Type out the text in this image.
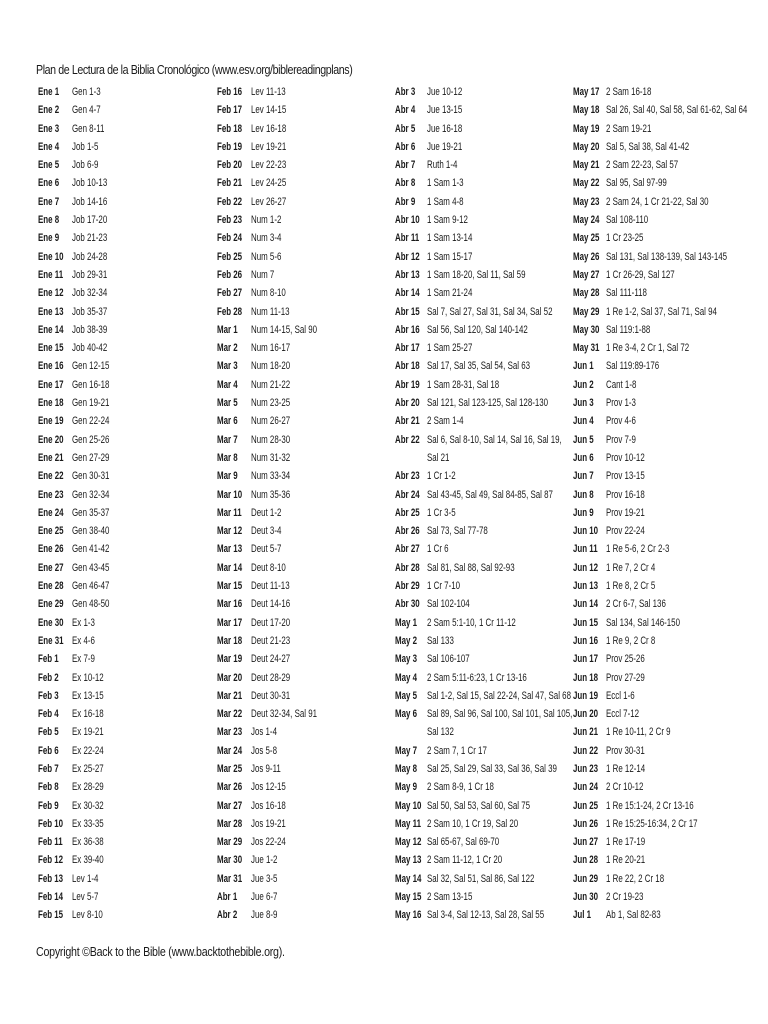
Plan de Lectura de la Biblia Cronológico (www.esv.org/biblereadingplans)
Ene 1 Gen 1-3
Ene 2 Gen 4-7
Ene 3 Gen 8-11
Ene 4 Job 1-5
Ene 5 Job 6-9
Ene 6 Job 10-13
Ene 7 Job 14-16
Ene 8 Job 17-20
Ene 9 Job 21-23
Ene 10 Job 24-28
Ene 11 Job 29-31
Ene 12 Job 32-34
Ene 13 Job 35-37
Ene 14 Job 38-39
Ene 15 Job 40-42
Ene 16 Gen 12-15
Ene 17 Gen 16-18
Ene 18 Gen 19-21
Ene 19 Gen 22-24
Ene 20 Gen 25-26
Ene 21 Gen 27-29
Ene 22 Gen 30-31
Ene 23 Gen 32-34
Ene 24 Gen 35-37
Ene 25 Gen 38-40
Ene 26 Gen 41-42
Ene 27 Gen 43-45
Ene 28 Gen 46-47
Ene 29 Gen 48-50
Ene 30 Ex 1-3
Ene 31 Ex 4-6
Feb 1 Ex 7-9
Feb 2 Ex 10-12
Feb 3 Ex 13-15
Feb 4 Ex 16-18
Feb 5 Ex 19-21
Feb 6 Ex 22-24
Feb 7 Ex 25-27
Feb 8 Ex 28-29
Feb 9 Ex 30-32
Feb 10 Ex 33-35
Feb 11 Ex 36-38
Feb 12 Ex 39-40
Feb 13 Lev 1-4
Feb 14 Lev 5-7
Feb 15 Lev 8-10
Feb 16 Lev 11-13
Feb 17 Lev 14-15
Feb 18 Lev 16-18
Feb 19 Lev 19-21
Feb 20 Lev 22-23
Feb 21 Lev 24-25
Feb 22 Lev 26-27
Feb 23 Num 1-2
Feb 24 Num 3-4
Feb 25 Num 5-6
Feb 26 Num 7
Feb 27 Num 8-10
Feb 28 Num 11-13
Mar 1 Num 14-15, Sal 90
Mar 2 Num 16-17
Mar 3 Num 18-20
Mar 4 Num 21-22
Mar 5 Num 23-25
Mar 6 Num 26-27
Mar 7 Num 28-30
Mar 8 Num 31-32
Mar 9 Num 33-34
Mar 10 Num 35-36
Mar 11 Deut 1-2
Mar 12 Deut 3-4
Mar 13 Deut 5-7
Mar 14 Deut 8-10
Mar 15 Deut 11-13
Mar 16 Deut 14-16
Mar 17 Deut 17-20
Mar 18 Deut 21-23
Mar 19 Deut 24-27
Mar 20 Deut 28-29
Mar 21 Deut 30-31
Mar 22 Deut 32-34, Sal 91
Mar 23 Jos 1-4
Mar 24 Jos 5-8
Mar 25 Jos 9-11
Mar 26 Jos 12-15
Mar 27 Jos 16-18
Mar 28 Jos 19-21
Mar 29 Jos 22-24
Mar 30 Jue 1-2
Mar 31 Jue 3-5
Abr 1 Jue 6-7
Abr 2 Jue 8-9
Abr 3 Jue 10-12
Abr 4 Jue 13-15
Abr 5 Jue 16-18
Abr 6 Jue 19-21
Abr 7 Ruth 1-4
Abr 8 1 Sam 1-3
Abr 9 1 Sam 4-8
Abr 10 1 Sam 9-12
Abr 11 1 Sam 13-14
Abr 12 1 Sam 15-17
Abr 13 1 Sam 18-20, Sal 11, Sal 59
Abr 14 1 Sam 21-24
Abr 15 Sal 7, Sal 27, Sal 31, Sal 34, Sal 52
Abr 16 Sal 56, Sal 120, Sal 140-142
Abr 17 1 Sam 25-27
Abr 18 Sal 17, Sal 35, Sal 54, Sal 63
Abr 19 1 Sam 28-31, Sal 18
Abr 20 Sal 121, Sal 123-125, Sal 128-130
Abr 21 2 Sam 1-4
Abr 22 Sal 6, Sal 8-10, Sal 14, Sal 16, Sal 19,
Sal 21
Abr 23 1 Cr 1-2
Abr 24 Sal 43-45, Sal 49, Sal 84-85, Sal 87
Abr 25 1 Cr 3-5
Abr 26 Sal 73, Sal 77-78
Abr 27 1 Cr 6
Abr 28 Sal 81, Sal 88, Sal 92-93
Abr 29 1 Cr 7-10
Abr 30 Sal 102-104
May 1 2 Sam 5:1-10, 1 Cr 11-12
May 2 Sal 133
May 3 Sal 106-107
May 4 2 Sam 5:11-6:23, 1 Cr 13-16
May 5 Sal 1-2, Sal 15, Sal 22-24, Sal 47, Sal 68
May 6 Sal 89, Sal 96, Sal 100, Sal 101, Sal 105,
Sal 132
May 7 2 Sam 7, 1 Cr 17
May 8 Sal 25, Sal 29, Sal 33, Sal 36, Sal 39
May 9 2 Sam 8-9, 1 Cr 18
May 10 Sal 50, Sal 53, Sal 60, Sal 75
May 11 2 Sam 10, 1 Cr 19, Sal 20
May 12 Sal 65-67, Sal 69-70
May 13 2 Sam 11-12, 1 Cr 20
May 14 Sal 32, Sal 51, Sal 86, Sal 122
May 15 2 Sam 13-15
May 16 Sal 3-4, Sal 12-13, Sal 28, Sal 55
May 17 2 Sam 16-18
May 18 Sal 26, Sal 40, Sal 58, Sal 61-62, Sal 64
May 19 2 Sam 19-21
May 20 Sal 5, Sal 38, Sal 41-42
May 21 2 Sam 22-23, Sal 57
May 22 Sal 95, Sal 97-99
May 23 2 Sam 24, 1 Cr 21-22, Sal 30
May 24 Sal 108-110
May 25 1 Cr 23-25
May 26 Sal 131, Sal 138-139, Sal 143-145
May 27 1 Cr 26-29, Sal 127
May 28 Sal 111-118
May 29 1 Re 1-2, Sal 37, Sal 71, Sal 94
May 30 Sal 119:1-88
May 31 1 Re 3-4, 2 Cr 1, Sal 72
Jun 1 Sal 119:89-176
Jun 2 Cant 1-8
Jun 3 Prov 1-3
Jun 4 Prov 4-6
Jun 5 Prov 7-9
Jun 6 Prov 10-12
Jun 7 Prov 13-15
Jun 8 Prov 16-18
Jun 9 Prov 19-21
Jun 10 Prov 22-24
Jun 11 1 Re 5-6, 2 Cr 2-3
Jun 12 1 Re 7, 2 Cr 4
Jun 13 1 Re 8, 2 Cr 5
Jun 14 2 Cr 6-7, Sal 136
Jun 15 Sal 134, Sal 146-150
Jun 16 1 Re 9, 2 Cr 8
Jun 17 Prov 25-26
Jun 18 Prov 27-29
Jun 19 Eccl 1-6
Jun 20 Eccl 7-12
Jun 21 1 Re 10-11, 2 Cr 9
Jun 22 Prov 30-31
Jun 23 1 Re 12-14
Jun 24 2 Cr 10-12
Jun 25 1 Re 15:1-24, 2 Cr 13-16
Jun 26 1 Re 15:25-16:34, 2 Cr 17
Jun 27 1 Re 17-19
Jun 28 1 Re 20-21
Jun 29 1 Re 22, 2 Cr 18
Jun 30 2 Cr 19-23
Jul 1 Ab 1, Sal 82-83
Copyright ©Back to the Bible (www.backtothebible.org).
